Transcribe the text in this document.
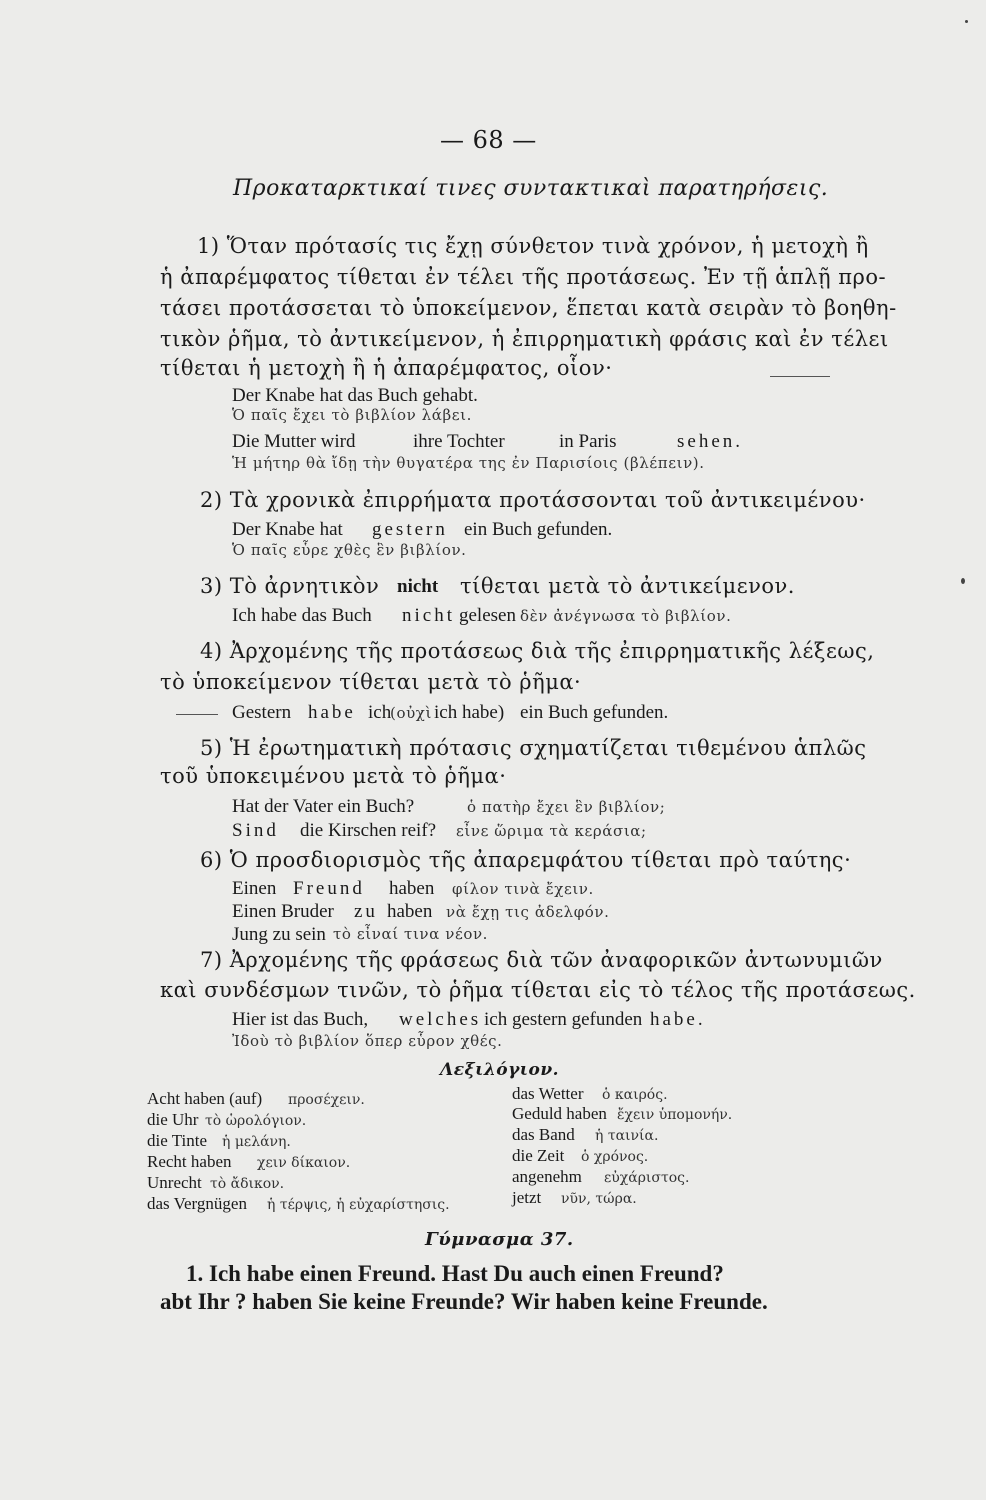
— 68 —
Προκαταρκτικαί τινες συντακτικαὶ παρατηρήσεις.
1) Ὅταν πρότασίς τις ἔχῃ σύνθετον τινὰ χρόνον, ἡ μετοχὴ ἢ
ἡ ἀπαρέμφατος τίθεται ἐν τέλει τῆς προτάσεως. Ἐν τῇ ἁπλῇ προ-
τάσει προτάσσεται τὸ ὑποκείμενον, ἕπεται κατὰ σειρὰν τὸ βοηθη-
τικὸν ῥῆμα, τὸ ἀντικείμενον, ἡ ἐπιρρηματικὴ φράσις καὶ ἐν τέλει
τίθεται ἡ μετοχὴ ἢ ἡ ἀπαρέμφατος, οἷον·
Der Knabe hat das Buch gehabt.
Ὁ παῖς ἔχει τὸ βιβλίον λάβει.
Die Mutter wird	ihre Tochter	in Paris	sehen.
Ἡ μήτηρ θὰ ἴδῃ τὴν θυγατέρα της ἐν Παρισίοις (βλέπειν).
2) Τὰ χρονικὰ ἐπιρρήματα προτάσσονται τοῦ ἀντικειμένου·
Der Knabe hat gestern ein Buch gefunden.
Ὁ παῖς εὗρε χθὲς ἓν βιβλίον.
3) Τὸ ἀρνητικὸν nicht τίθεται μετὰ τὸ ἀντικείμενον.
Ich habe das Buch nicht gelesen δὲν ἀνέγνωσα τὸ βιβλίον.
4) Ἀρχομένης τῆς προτάσεως διὰ τῆς ἐπιρρηματικῆς λέξεως,
τὸ ὑποκείμενον τίθεται μετὰ τὸ ῥῆμα·
Gestern habe ich
(οὐχὶ ich habe) ein Buch gefunden.
5) Ἡ ἐρωτηματικὴ πρότασις σχηματίζεται τιθεμένου ἁπλῶς
τοῦ ὑποκειμένου μετὰ τὸ ῥῆμα·
Hat der Vater ein Buch?	ὁ πατὴρ ἔχει ἓν βιβλίον;
Sind die Kirschen reif? εἶνε ὥριμα τὰ κεράσια;
6) Ὁ προσδιορισμὸς τῆς ἀπαρεμφάτου τίθεται πρὸ ταύτης·
Einen Freund haben φίλον τινὰ ἔχειν.
Einen Bruder zu haben νὰ ἔχῃ τις ἀδελφόν.
Jung zu sein τὸ εἶναί τινα νέον.
7) Ἀρχομένης τῆς φράσεως διὰ τῶν ἀναφορικῶν ἀντωνυμιῶν
καὶ συνδέσμων τινῶν, τὸ ῥῆμα τίθεται εἰς τὸ τέλος τῆς προτάσεως.
Hier ist das Buch, welches ich gestern gefunden habe.
Ἰδοὺ τὸ βιβλίον ὅπερ εὗρον χθές.
Λεξιλόγιον.
Acht haben (auf) προσέχειν.
die Uhr τὸ ὡρολόγιον.
die Tinte ἡ μελάνη.
Recht haben χειν δίκαιον.
Unrecht τὸ ἄδικον.
das Vergnügen ἡ τέρψις, ἡ εὐχαρίστησις.
das Wetter ὁ καιρός.
Geduld haben ἔχειν ὑπομονήν.
das Band ἡ ταινία.
die Zeit ὁ χρόνος.
angenehm εὐχάριστος.
jetzt νῦν, τώρα.
Γύμνασμα 37.
1. Ich habe einen Freund. Hast Du auch einen Freund?
abt Ihr ? haben Sie keine Freunde? Wir haben keine Freunde.
